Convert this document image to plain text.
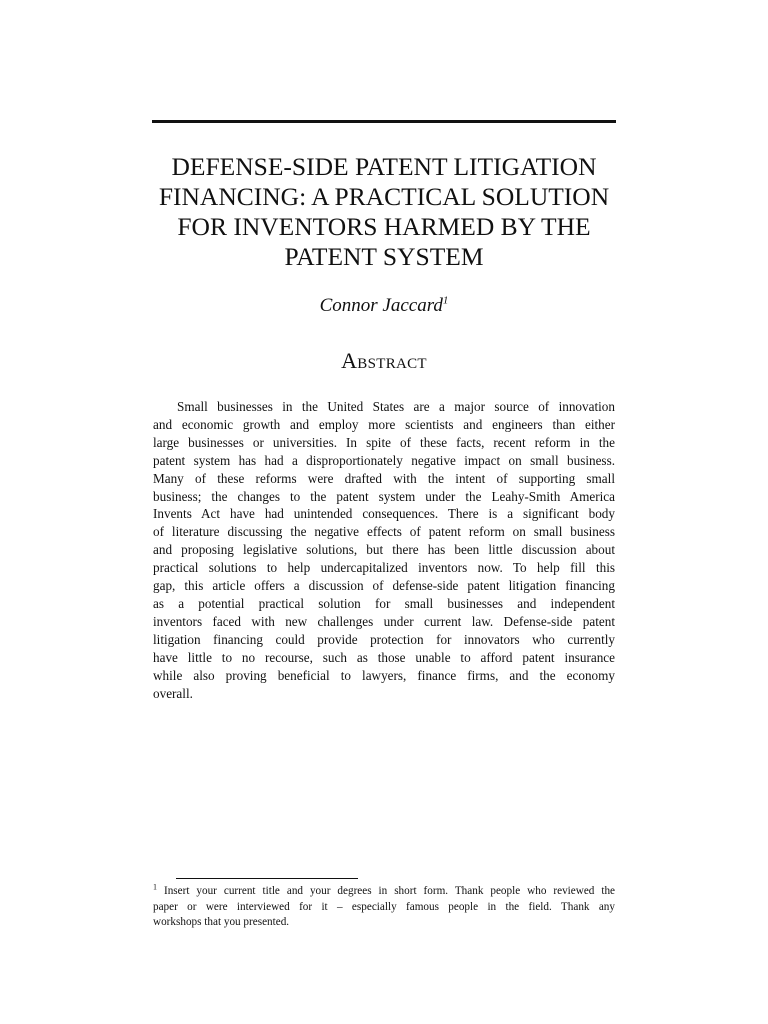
DEFENSE-SIDE PATENT LITIGATION
FINANCING: A PRACTICAL SOLUTION
FOR INVENTORS HARMED BY THE
PATENT SYSTEM
Connor Jaccard$^1$
Abstract
Small businesses in the United States are a major source of innovation
and economic growth and employ more scientists and engineers than either
large businesses or universities. In spite of these facts, recent reform in the
patent system has had a disproportionately negative impact on small business.
Many of these reforms were drafted with the intent of supporting small
business; the changes to the patent system under the Leahy-Smith America
Invents Act have had unintended consequences. There is a significant body
of literature discussing the negative effects of patent reform on small business
and proposing legislative solutions, but there has been little discussion about
practical solutions to help undercapitalized inventors now. To help fill this
gap, this article offers a discussion of defense-side patent litigation financing
as a potential practical solution for small businesses and independent
inventors faced with new challenges under current law. Defense-side patent
litigation financing could provide protection for innovators who currently
have little to no recourse, such as those unable to afford patent insurance
while also proving beneficial to lawyers, finance firms, and the economy
overall.
$^1$ Insert your current title and your degrees in short form. Thank people who reviewed the
paper or were interviewed for it – especially famous people in the field. Thank any
workshops that you presented.
